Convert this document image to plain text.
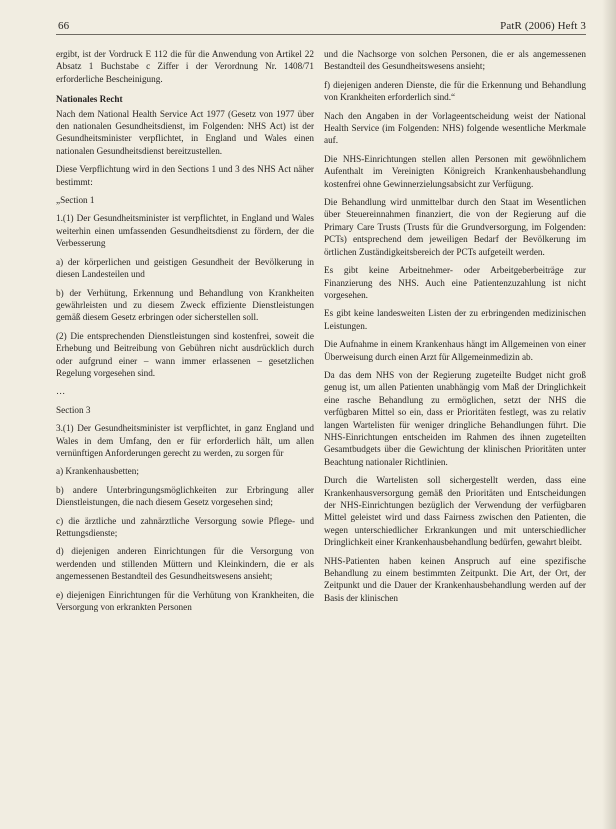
66	PatR (2006) Heft 3

ergibt, ist der Vordruck E 112 die für die Anwendung von Artikel 22 Absatz 1 Buchstabe c Ziffer i der Verordnung Nr. 1408/71 erforderliche Bescheinigung.

Nationales Recht

Nach dem National Health Service Act 1977 (Gesetz von 1977 über den nationalen Gesundheitsdienst, im Folgenden: NHS Act) ist der Gesundheitsminister verpflichtet, in England und Wales einen nationalen Gesundheitsdienst bereitzustellen.

Diese Verpflichtung wird in den Sections 1 und 3 des NHS Act näher bestimmt:

„Section 1

1.(1) Der Gesundheitsminister ist verpflichtet, in England und Wales weiterhin einen umfassenden Gesundheitsdienst zu fördern, der die Verbesserung

a) der körperlichen und geistigen Gesundheit der Bevölkerung in diesen Landesteilen und

b) der Verhütung, Erkennung und Behandlung von Krankheiten gewährleisten und zu diesem Zweck effiziente Dienstleistungen gemäß diesem Gesetz erbringen oder sicherstellen soll.

(2) Die entsprechenden Dienstleistungen sind kostenfrei, soweit die Erhebung und Beitreibung von Gebühren nicht ausdrücklich durch oder aufgrund einer – wann immer erlassenen – gesetzlichen Regelung vorgesehen sind.

…

Section 3

3.(1) Der Gesundheitsminister ist verpflichtet, in ganz England und Wales in dem Umfang, den er für erforderlich hält, um allen vernünftigen Anforderungen gerecht zu werden, zu sorgen für

a) Krankenhausbetten;

b) andere Unterbringungsmöglichkeiten zur Erbringung aller Dienstleistungen, die nach diesem Gesetz vorgesehen sind;

c) die ärztliche und zahnärztliche Versorgung sowie Pflege- und Rettungsdienste;

d) diejenigen anderen Einrichtungen für die Versorgung von werdenden und stillenden Müttern und Kleinkindern, die er als angemessenen Bestandteil des Gesundheitswesens ansieht;

e) diejenigen Einrichtungen für die Verhütung von Krankheiten, die Versorgung von erkrankten Personen

und die Nachsorge von solchen Personen, die er als angemessenen Bestandteil des Gesundheitswesens ansieht;

f) diejenigen anderen Dienste, die für die Erkennung und Behandlung von Krankheiten erforderlich sind.“

Nach den Angaben in der Vorlageentscheidung weist der National Health Service (im Folgenden: NHS) folgende wesentliche Merkmale auf.

Die NHS-Einrichtungen stellen allen Personen mit gewöhnlichem Aufenthalt im Vereinigten Königreich Krankenhausbehandlung kostenfrei ohne Gewinnerzielungsabsicht zur Verfügung.

Die Behandlung wird unmittelbar durch den Staat im Wesentlichen über Steuereinnahmen finanziert, die von der Regierung auf die Primary Care Trusts (Trusts für die Grundversorgung, im Folgenden: PCTs) entsprechend dem jeweiligen Bedarf der Bevölkerung im örtlichen Zuständigkeitsbereich der PCTs aufgeteilt werden.

Es gibt keine Arbeitnehmer- oder Arbeitgeberbeiträge zur Finanzierung des NHS. Auch eine Patientenzuzahlung ist nicht vorgesehen.

Es gibt keine landesweiten Listen der zu erbringenden medizinischen Leistungen.

Die Aufnahme in einem Krankenhaus hängt im Allgemeinen von einer Überweisung durch einen Arzt für Allgemeinmedizin ab.

Da das dem NHS von der Regierung zugeteilte Budget nicht groß genug ist, um allen Patienten unabhängig vom Maß der Dringlichkeit eine rasche Behandlung zu ermöglichen, setzt der NHS die verfügbaren Mittel so ein, dass er Prioritäten festlegt, was zu relativ langen Wartelisten für weniger dringliche Behandlungen führt. Die NHS-Einrichtungen entscheiden im Rahmen des ihnen zugeteilten Gesamtbudgets über die Gewichtung der klinischen Prioritäten unter Beachtung nationaler Richtlinien.

Durch die Wartelisten soll sichergestellt werden, dass eine Krankenhausversorgung gemäß den Prioritäten und Entscheidungen der NHS-Einrichtungen bezüglich der Verwendung der verfügbaren Mittel geleistet wird und dass Fairness zwischen den Patienten, die wegen unterschiedlicher Erkrankungen und mit unterschiedlicher Dringlichkeit einer Krankenhausbehandlung bedürfen, gewahrt bleibt.

NHS-Patienten haben keinen Anspruch auf eine spezifische Behandlung zu einem bestimmten Zeitpunkt. Die Art, der Ort, der Zeitpunkt und die Dauer der Krankenhausbehandlung werden auf der Basis der klinischen
